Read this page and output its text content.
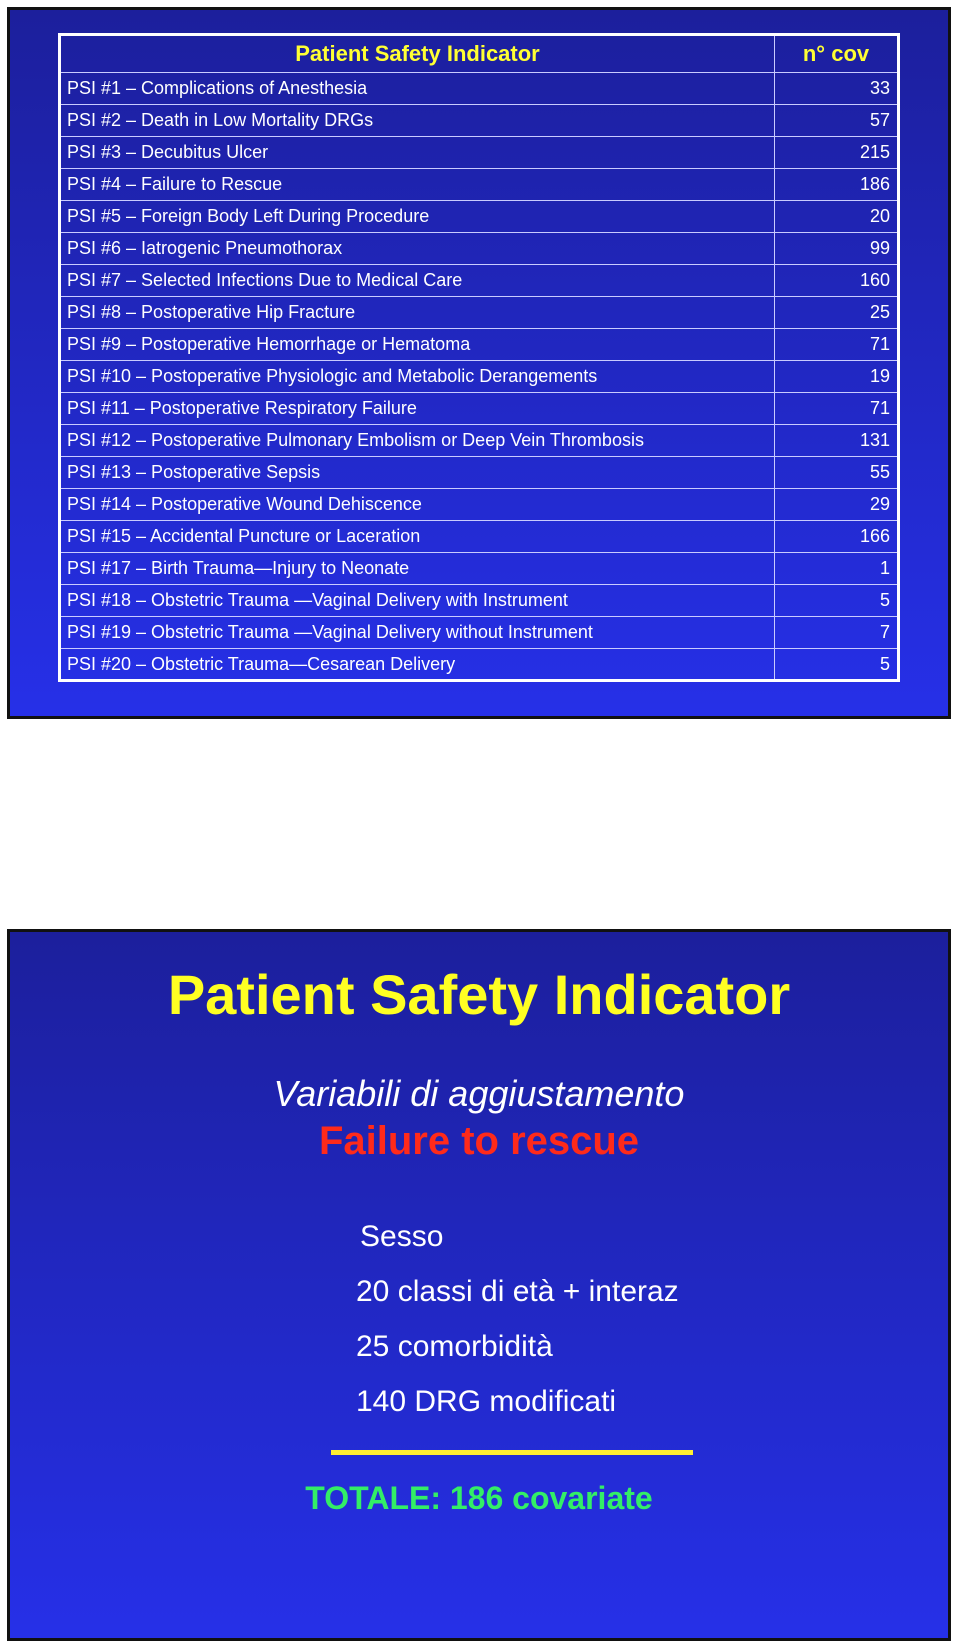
Patient Safety Indicator	n° cov
PSI #1 – Complications of Anesthesia	33
PSI #2 – Death in Low Mortality DRGs	57
PSI #3 – Decubitus Ulcer	215
PSI #4 – Failure to Rescue	186
PSI #5 – Foreign Body Left During Procedure	20
PSI #6 – Iatrogenic Pneumothorax	99
PSI #7 – Selected Infections Due to Medical Care	160
PSI #8 – Postoperative Hip Fracture	25
PSI #9 – Postoperative Hemorrhage or Hematoma	71
PSI #10 – Postoperative Physiologic and Metabolic Derangements	19
PSI #11 – Postoperative Respiratory Failure	71
PSI #12 – Postoperative Pulmonary Embolism or Deep Vein Thrombosis	131
PSI #13 – Postoperative Sepsis	55
PSI #14 – Postoperative Wound Dehiscence	29
PSI #15 – Accidental Puncture or Laceration	166
PSI #17 – Birth Trauma—Injury to Neonate	1
PSI #18 – Obstetric Trauma —Vaginal Delivery with Instrument	5
PSI #19 – Obstetric Trauma —Vaginal Delivery without Instrument	7
PSI #20 – Obstetric Trauma—Cesarean Delivery	5
Patient Safety Indicator
Variabili di aggiustamento
Failure to rescue
Sesso
20 classi di età + interaz
25 comorbidità
140 DRG modificati
TOTALE: 186 covariate
